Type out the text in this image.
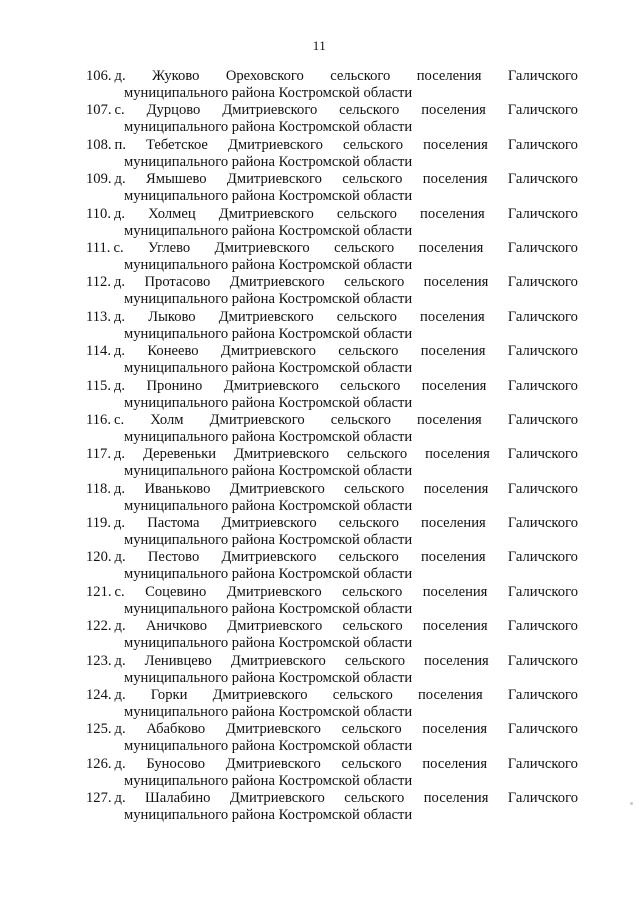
11
106. д. Жуково Ореховского сельского поселения Галичского
муниципального района Костромской области
107. с. Дурцово Дмитриевского сельского поселения Галичского
муниципального района Костромской области
108. п. Тебетское Дмитриевского сельского поселения Галичского
муниципального района Костромской области
109. д. Ямышево Дмитриевского сельского поселения Галичского
муниципального района Костромской области
110. д. Холмец Дмитриевского сельского поселения Галичского
муниципального района Костромской области
111. с. Углево Дмитриевского сельского поселения Галичского
муниципального района Костромской области
112. д. Протасово Дмитриевского сельского поселения Галичского
муниципального района Костромской области
113. д. Лыково Дмитриевского сельского поселения Галичского
муниципального района Костромской области
114. д. Конеево Дмитриевского сельского поселения Галичского
муниципального района Костромской области
115. д. Пронино Дмитриевского сельского поселения Галичского
муниципального района Костромской области
116. с. Холм Дмитриевского сельского поселения Галичского
муниципального района Костромской области
117. д. Деревеньки Дмитриевского сельского поселения Галичского
муниципального района Костромской области
118. д. Иваньково Дмитриевского сельского поселения Галичского
муниципального района Костромской области
119. д. Пастома Дмитриевского сельского поселения Галичского
муниципального района Костромской области
120. д. Пестово Дмитриевского сельского поселения Галичского
муниципального района Костромской области
121. с. Соцевино Дмитриевского сельского поселения Галичского
муниципального района Костромской области
122. д. Аничково Дмитриевского сельского поселения Галичского
муниципального района Костромской области
123. д. Ленивцево Дмитриевского сельского поселения Галичского
муниципального района Костромской области
124. д. Горки Дмитриевского сельского поселения Галичского
муниципального района Костромской области
125. д. Абабково Дмитриевского сельского поселения Галичского
муниципального района Костромской области
126. д. Буносово Дмитриевского сельского поселения Галичского
муниципального района Костромской области
127. д. Шалабино Дмитриевского сельского поселения Галичского
муниципального района Костромской области
